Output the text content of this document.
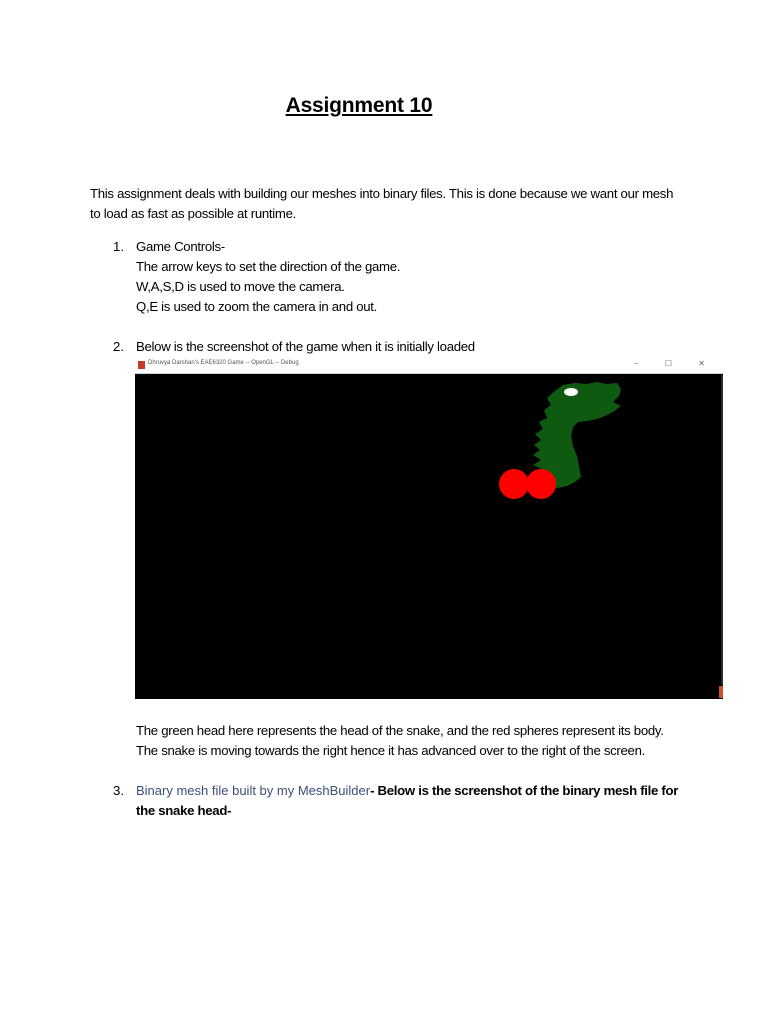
Assignment 10
This assignment deals with building our meshes into binary files. This is done because we want our mesh
to load as fast as possible at runtime.
1. Game Controls-
The arrow keys to set the direction of the game.
W,A,S,D is used to move the camera.
Q,E is used to zoom the camera in and out.
2. Below is the screenshot of the game when it is initially loaded
Dhruvya Darshan's EAE6320 Game -- OpenGL -- Debug	– ☐ ✕
The green head here represents the head of the snake, and the red spheres represent its body.
The snake is moving towards the right hence it has advanced over to the right of the screen.
3. Binary mesh file built by my MeshBuilder- Below is the screenshot of the binary mesh file for
the snake head-
